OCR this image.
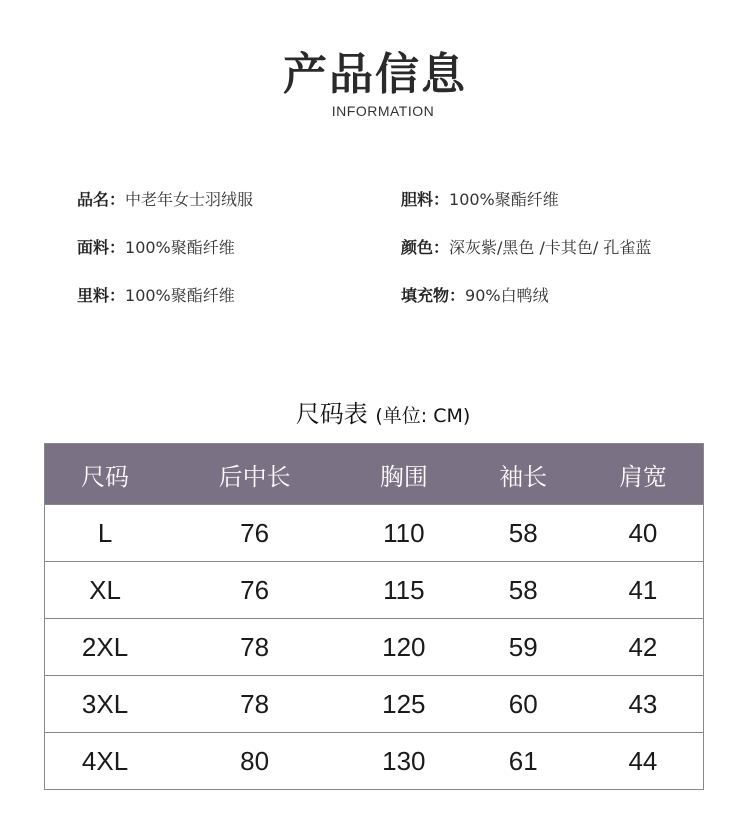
产品信息
INFORMATION
品名：中老年女士羽绒服
面料：100%聚酯纤维
里料：100%聚酯纤维
胆料：100%聚酯纤维
颜色：深灰紫/黑色 /卡其色/ 孔雀蓝
填充物：90%白鸭绒
尺码表 (单位: CM)
尺码	后中长	胸围	袖长	肩宽
L	76	110	58	40
XL	76	115	58	41
2XL	78	120	59	42
3XL	78	125	60	43
4XL	80	130	61	44
